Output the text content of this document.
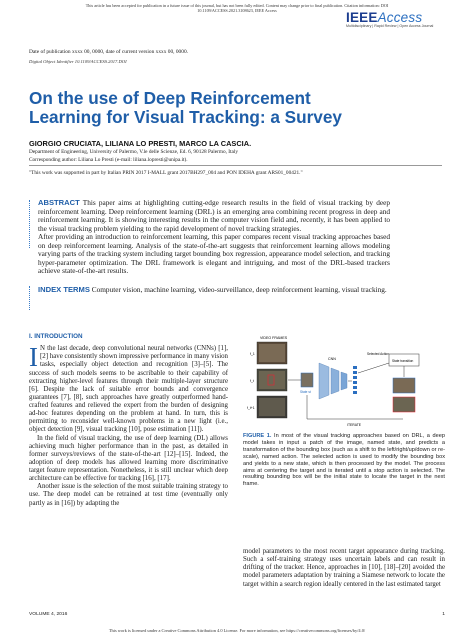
This article has been accepted for publication in a future issue of this journal, but has not been fully edited. Content may change prior to final publication. Citation information: DOI
10.1109/ACCESS.2021.3108623, IEEE Access	IEEEAccess
Multidisciplinary | Rapid Review | Open Access Journal
Date of publication xxxx 00, 0000, date of current version xxxx 00, 0000.
Digital Object Identifier 10.1109/ACCESS.2017.DOI
On the use of Deep Reinforcement
Learning for Visual Tracking: a Survey
GIORGIO CRUCIATA, LILIANA LO PRESTI, MARCO LA CASCIA.
Department of Engineering, University of Palermo, V.le delle Scienze, Ed. 6, 90128 Palermo, Italy
Corresponding author: Liliana Lo Presti (e-mail: liliana.lopresti@unipa.it).
"This work was supported in part by Italian PRIN 2017 I-MALL grant 2017BH297_004 and PON IDEHA grant ARS01_00421."

ABSTRACT This paper aims at highlighting cutting-edge research results in the field of visual tracking by deep reinforcement learning. Deep reinforcement learning (DRL) is an emerging area combining recent progress in deep and reinforcement learning. It is showing interesting results in the computer vision field and, recently, it has been applied to the visual tracking problem yielding to the rapid development of novel tracking strategies.

After providing an introduction to reinforcement learning, this paper compares recent visual tracking approaches based on deep reinforcement learning. Analysis of the state-of-the-art suggests that reinforcement learning allows modeling varying parts of the tracking system including target bounding box regression, appearance model selection, and tracking hyper-parameter optimization. The DRL framework is elegant and intriguing, and most of the DRL-based trackers achieve state-of-the-art results.

INDEX TERMS Computer vision, machine learning, video-surveillance, deep reinforcement learning, visual tracking.
I. INTRODUCTION

I N the last decade, deep convolutional neural networks (CNNs) [1], [2] have consistently shown impressive performance in many vision tasks, especially object detection and recognition [3]–[5]. The success of such models seems to be ascribable to their capability of extracting higher-level features through their multiple-layer structure [6]. Despite the lack of suitable error bounds and convergence guarantees [7], [8], such approaches have greatly outperformed hand-crafted features and relieved the expert from the burden of designing ad-hoc features depending on the problem at hand. In turn, this is permitting to reconsider well-known problems in a new light (i.e., object detection [9], visual tracking [10], pose estimation [11]).

In the field of visual tracking, the use of deep learning (DL) allows achieving much higher performance than in the past, as detailed in former surveys/reviews of the state-of-the-art [12]–[15]. Indeed, the adoption of deep models has allowed learning more discriminative target feature representation. Nonetheless, it is still unclear which deep architecture can be effective for tracking [16], [17].

Another issue is the selection of the most suitable training strategy to use. The deep model can be retrained at test time (eventually only partly as in [16]) by adapting the

VIDEO FRAMES
f_1
f_t
f_t+1
State st
CNN
Selected Action
State transition
ITERATE
FIGURE 1. In most of the visual tracking approaches based on DRL, a deep model takes in input a patch of the image, named state, and predicts a transformation of the bounding box (such as a shift to the left/right/up/down or re-scale), named action. The selected action is used to modify the bounding box and yields to a new state, which is then processed by the model. The process aims at centering the target and is iterated until a stop action is selected. The resulting bounding box will be the initial state to locate the target in the next frame.

model parameters to the most recent target appearance during tracking. Such a self-training strategy uses uncertain labels and can result in drifting of the tracker. Hence, approaches in [10], [18]–[20] avoided the model parameters adaptation by training a Siamese network to locate the target within a search region ideally centered in the last estimated target

VOLUME 4, 2016	1
This work is licensed under a Creative Commons Attribution 4.0 License. For more information, see https://creativecommons.org/licenses/by/4.0/
